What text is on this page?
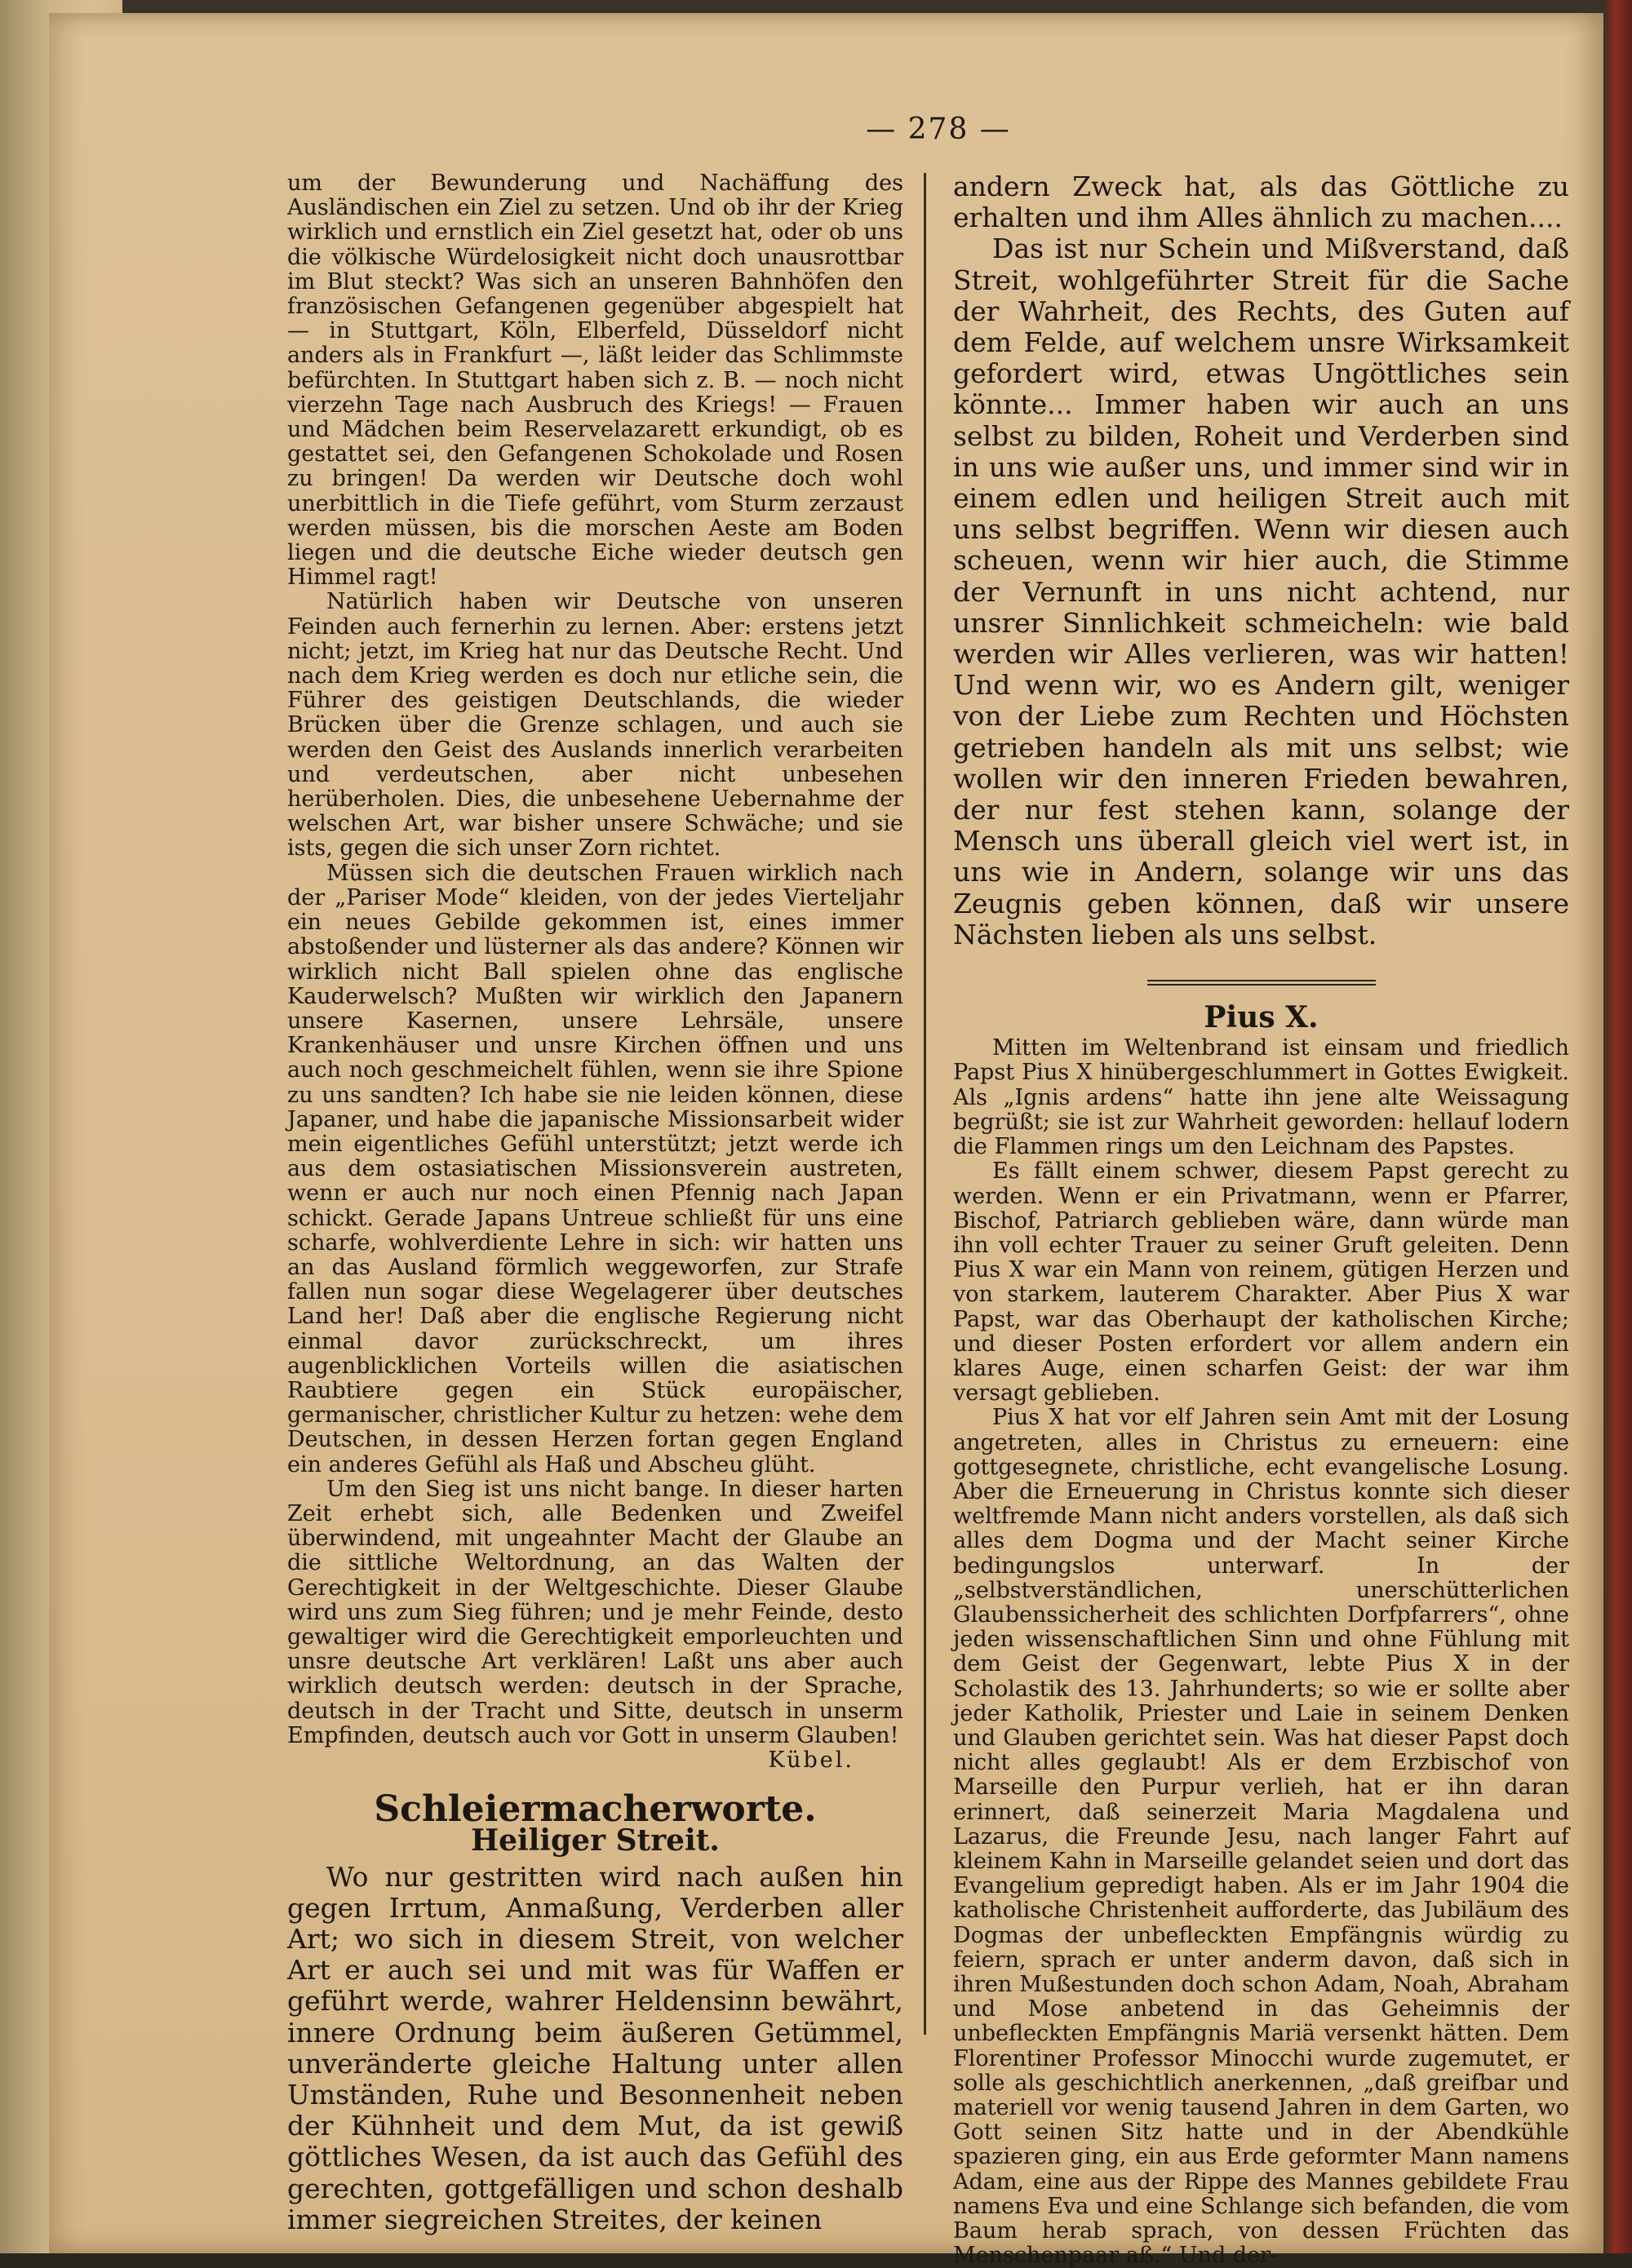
— 278 —

um der Bewunderung und Nachäffung des Ausländischen ein Ziel zu setzen. Und ob ihr der Krieg wirklich und ernstlich ein Ziel gesetzt hat, oder ob uns die völkische Würdelosigkeit nicht doch unausrottbar im Blut steckt? Was sich an unseren Bahnhöfen den französischen Gefangenen gegenüber abgespielt hat — in Stuttgart, Köln, Elberfeld, Düsseldorf nicht anders als in Frankfurt —, läßt leider das Schlimmste befürchten. In Stuttgart haben sich z. B. — noch nicht vierzehn Tage nach Ausbruch des Kriegs! — Frauen und Mädchen beim Reservelazarett erkundigt, ob es gestattet sei, den Gefangenen Schokolade und Rosen zu bringen! Da werden wir Deutsche doch wohl unerbittlich in die Tiefe geführt, vom Sturm zerzaust werden müssen, bis die morschen Aeste am Boden liegen und die deutsche Eiche wieder deutsch gen Himmel ragt!

Natürlich haben wir Deutsche von unseren Feinden auch fernerhin zu lernen. Aber: erstens jetzt nicht; jetzt, im Krieg hat nur das Deutsche Recht. Und nach dem Krieg werden es doch nur etliche sein, die Führer des geistigen Deutschlands, die wieder Brücken über die Grenze schlagen, und auch sie werden den Geist des Auslands innerlich verarbeiten und verdeutschen, aber nicht unbesehen herüberholen. Dies, die unbesehene Uebernahme der welschen Art, war bisher unsere Schwäche; und sie ists, gegen die sich unser Zorn richtet.

Müssen sich die deutschen Frauen wirklich nach der „Pariser Mode“ kleiden, von der jedes Vierteljahr ein neues Gebilde gekommen ist, eines immer abstoßender und lüsterner als das andere? Können wir wirklich nicht Ball spielen ohne das englische Kauderwelsch? Mußten wir wirklich den Japanern unsere Kasernen, unsere Lehrsäle, unsere Krankenhäuser und unsre Kirchen öffnen und uns auch noch geschmeichelt fühlen, wenn sie ihre Spione zu uns sandten? Ich habe sie nie leiden können, diese Japaner, und habe die japanische Missionsarbeit wider mein eigentliches Gefühl unterstützt; jetzt werde ich aus dem ostasiatischen Missionsverein austreten, wenn er auch nur noch einen Pfennig nach Japan schickt. Gerade Japans Untreue schließt für uns eine scharfe, wohlverdiente Lehre in sich: wir hatten uns an das Ausland förmlich weggeworfen, zur Strafe fallen nun sogar diese Wegelagerer über deutsches Land her! Daß aber die englische Regierung nicht einmal davor zurückschreckt, um ihres augenblicklichen Vorteils willen die asiatischen Raubtiere gegen ein Stück europäischer, germanischer, christlicher Kultur zu hetzen: wehe dem Deutschen, in dessen Herzen fortan gegen England ein anderes Gefühl als Haß und Abscheu glüht.

Um den Sieg ist uns nicht bange. In dieser harten Zeit erhebt sich, alle Bedenken und Zweifel überwindend, mit ungeahnter Macht der Glaube an die sittliche Weltordnung, an das Walten der Gerechtigkeit in der Weltgeschichte. Dieser Glaube wird uns zum Sieg führen; und je mehr Feinde, desto gewaltiger wird die Gerechtigkeit emporleuchten und unsre deutsche Art verklären! Laßt uns aber auch wirklich deutsch werden: deutsch in der Sprache, deutsch in der Tracht und Sitte, deutsch in unserm Empfinden, deutsch auch vor Gott in unserm Glauben!

Kübel.

Schleiermacherworte.
Heiliger Streit.

Wo nur gestritten wird nach außen hin gegen Irrtum, Anmaßung, Verderben aller Art; wo sich in diesem Streit, von welcher Art er auch sei und mit was für Waffen er geführt werde, wahrer Heldensinn bewährt, innere Ordnung beim äußeren Getümmel, unveränderte gleiche Haltung unter allen Umständen, Ruhe und Besonnenheit neben der Kühnheit und dem Mut, da ist gewiß göttliches Wesen, da ist auch das Gefühl des gerechten, gottgefälligen und schon deshalb immer siegreichen Streites, der keinen

andern Zweck hat, als das Göttliche zu erhalten und ihm Alles ähnlich zu machen....

Das ist nur Schein und Mißverstand, daß Streit, wohlgeführter Streit für die Sache der Wahrheit, des Rechts, des Guten auf dem Felde, auf welchem unsre Wirksamkeit gefordert wird, etwas Ungöttliches sein könnte... Immer haben wir auch an uns selbst zu bilden, Roheit und Verderben sind in uns wie außer uns, und immer sind wir in einem edlen und heiligen Streit auch mit uns selbst begriffen. Wenn wir diesen auch scheuen, wenn wir hier auch, die Stimme der Vernunft in uns nicht achtend, nur unsrer Sinnlichkeit schmeicheln: wie bald werden wir Alles verlieren, was wir hatten! Und wenn wir, wo es Andern gilt, weniger von der Liebe zum Rechten und Höchsten getrieben handeln als mit uns selbst; wie wollen wir den inneren Frieden bewahren, der nur fest stehen kann, solange der Mensch uns überall gleich viel wert ist, in uns wie in Andern, solange wir uns das Zeugnis geben können, daß wir unsere Nächsten lieben als uns selbst.

Pius X.

Mitten im Weltenbrand ist einsam und friedlich Papst Pius X hinübergeschlummert in Gottes Ewigkeit. Als „Ignis ardens“ hatte ihn jene alte Weissagung begrüßt; sie ist zur Wahrheit geworden: hellauf lodern die Flammen rings um den Leichnam des Papstes.

Es fällt einem schwer, diesem Papst gerecht zu werden. Wenn er ein Privatmann, wenn er Pfarrer, Bischof, Patriarch geblieben wäre, dann würde man ihn voll echter Trauer zu seiner Gruft geleiten. Denn Pius X war ein Mann von reinem, gütigen Herzen und von starkem, lauterem Charakter. Aber Pius X war Papst, war das Oberhaupt der katholischen Kirche; und dieser Posten erfordert vor allem andern ein klares Auge, einen scharfen Geist: der war ihm versagt geblieben.

Pius X hat vor elf Jahren sein Amt mit der Losung angetreten, alles in Christus zu erneuern: eine gottgesegnete, christliche, echt evangelische Losung. Aber die Erneuerung in Christus konnte sich dieser weltfremde Mann nicht anders vorstellen, als daß sich alles dem Dogma und der Macht seiner Kirche bedingungslos unterwarf. In der „selbstverständlichen, unerschütterlichen Glaubenssicherheit des schlichten Dorfpfarrers“, ohne jeden wissenschaftlichen Sinn und ohne Fühlung mit dem Geist der Gegenwart, lebte Pius X in der Scholastik des 13. Jahrhunderts; so wie er sollte aber jeder Katholik, Priester und Laie in seinem Denken und Glauben gerichtet sein. Was hat dieser Papst doch nicht alles geglaubt! Als er dem Erzbischof von Marseille den Purpur verlieh, hat er ihn daran erinnert, daß seinerzeit Maria Magdalena und Lazarus, die Freunde Jesu, nach langer Fahrt auf kleinem Kahn in Marseille gelandet seien und dort das Evangelium gepredigt haben. Als er im Jahr 1904 die katholische Christenheit aufforderte, das Jubiläum des Dogmas der unbefleckten Empfängnis würdig zu feiern, sprach er unter anderm davon, daß sich in ihren Mußestunden doch schon Adam, Noah, Abraham und Mose anbetend in das Geheimnis der unbefleckten Empfängnis Mariä versenkt hätten. Dem Florentiner Professor Minocchi wurde zugemutet, er solle als geschichtlich anerkennen, „daß greifbar und materiell vor wenig tausend Jahren in dem Garten, wo Gott seinen Sitz hatte und in der Abendkühle spazieren ging, ein aus Erde geformter Mann namens Adam, eine aus der Rippe des Mannes gebildete Frau namens Eva und eine Schlange sich befanden, die vom Baum herab sprach, von dessen Früchten das Menschenpaar aß.“ Und der-
